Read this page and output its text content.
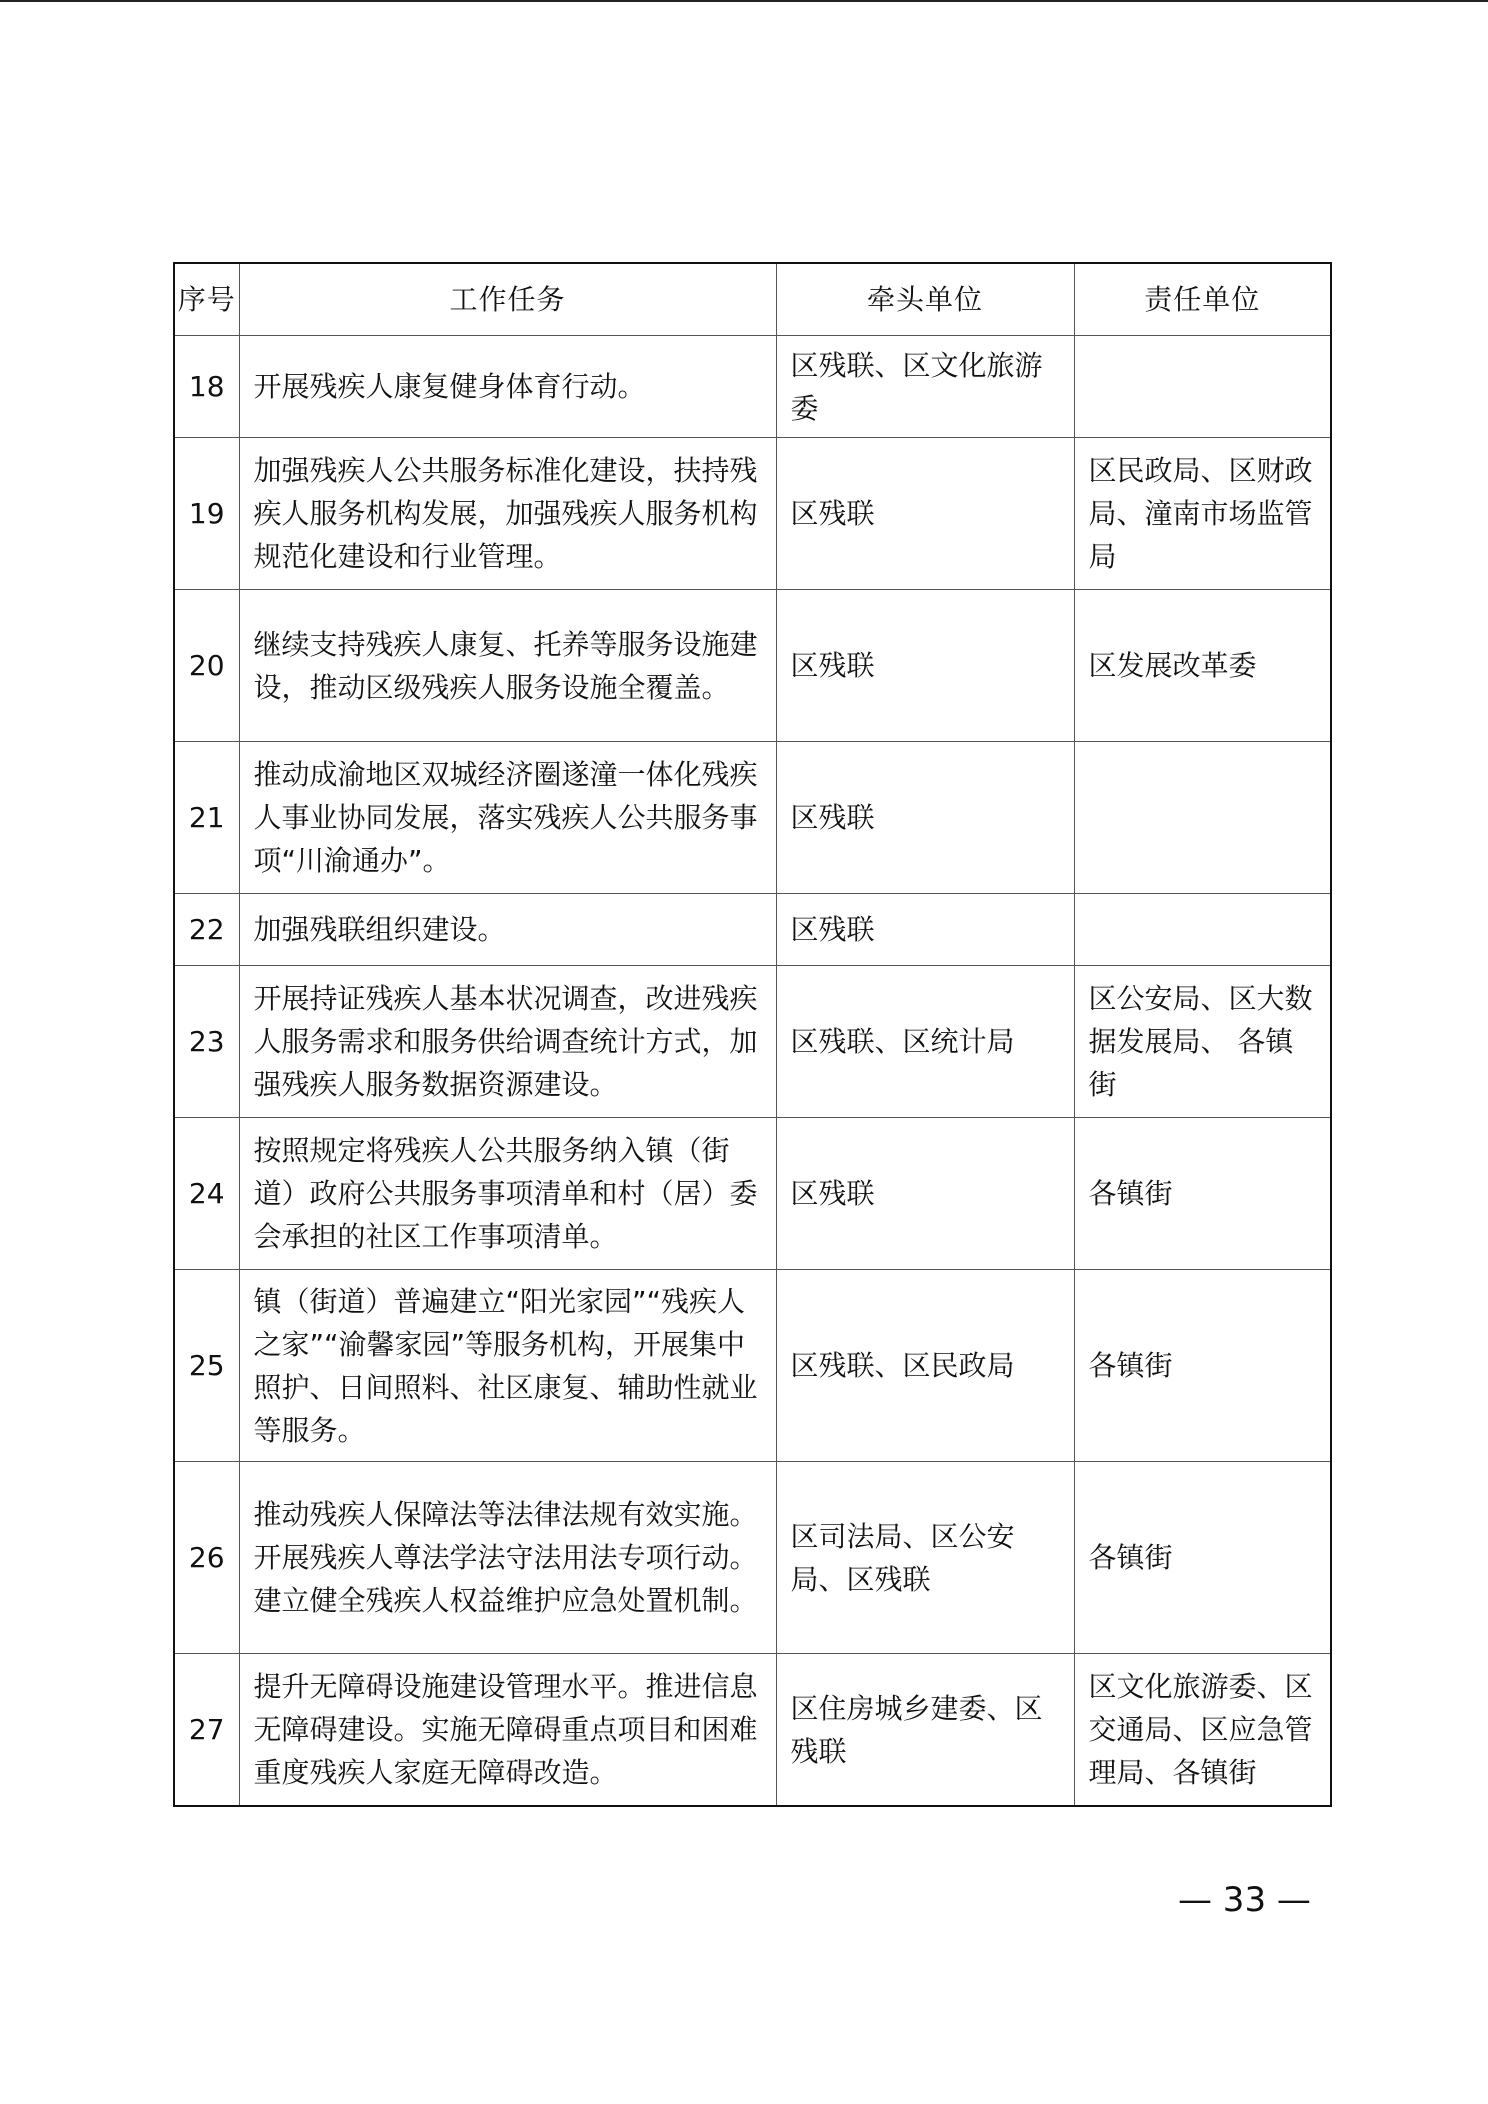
序号	工作任务	牵头单位	责任单位
18	开展残疾人康复健身体育行动。	区残联、区文化旅游委	
19	加强残疾人公共服务标准化建设，扶持残疾人服务机构发展，加强残疾人服务机构规范化建设和行业管理。	区残联	区民政局、区财政局、潼南市场监管局
20	继续支持残疾人康复、托养等服务设施建设，推动区级残疾人服务设施全覆盖。	区残联	区发展改革委
21	推动成渝地区双城经济圈遂潼一体化残疾人事业协同发展，落实残疾人公共服务事项“川渝通办”。	区残联	
22	加强残联组织建设。	区残联	
23	开展持证残疾人基本状况调查，改进残疾人服务需求和服务供给调查统计方式，加强残疾人服务数据资源建设。	区残联、区统计局	区公安局、区大数据发展局、 各镇街
24	按照规定将残疾人公共服务纳入镇（街道）政府公共服务事项清单和村（居）委会承担的社区工作事项清单。	区残联	各镇街
25	镇（街道）普遍建立“阳光家园”“残疾人之家”“渝馨家园”等服务机构，开展集中照护、日间照料、社区康复、辅助性就业等服务。	区残联、区民政局	各镇街
26	推动残疾人保障法等法律法规有效实施。开展残疾人尊法学法守法用法专项行动。建立健全残疾人权益维护应急处置机制。	区司法局、区公安局、区残联	各镇街
27	提升无障碍设施建设管理水平。推进信息无障碍建设。实施无障碍重点项目和困难重度残疾人家庭无障碍改造。	区住房城乡建委、区残联	区文化旅游委、区交通局、区应急管理局、各镇街
— 33 —
